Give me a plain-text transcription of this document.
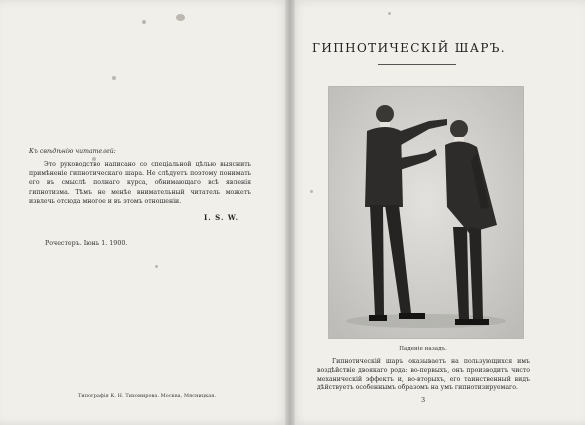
Къ свѣдѣнію читателей:

Это руководство написано со спеціальной цѣлью выяснить примѣненіе гипнотическаго шара. Не слѣдуетъ поэтому понимать его въ смыслѣ полнаго курса, обнимающаго всѣ явленія гипнотизма. Тѣмъ не менѣе внимательный читатель можетъ извлечь отсюда многое и въ этомъ отношеніи.

I. S. W.
Рочестеръ. Іюнь 1. 1900.
Типографія К. Н. Тихомирова. Москва, Мясницкая.
ГИПНОТИЧЕСКІЙ ШАРЪ.
Паденіе назадъ.

Гипнотическій шаръ оказываетъ на пользующихся имъ воздѣйствіе двоякаго рода: во-первыхъ, онъ производитъ чисто механическій эффектъ и, во-вторыхъ, его таинственный видъ дѣйствуетъ особеннымъ образомъ на умъ гипнотизируемаго.

3
